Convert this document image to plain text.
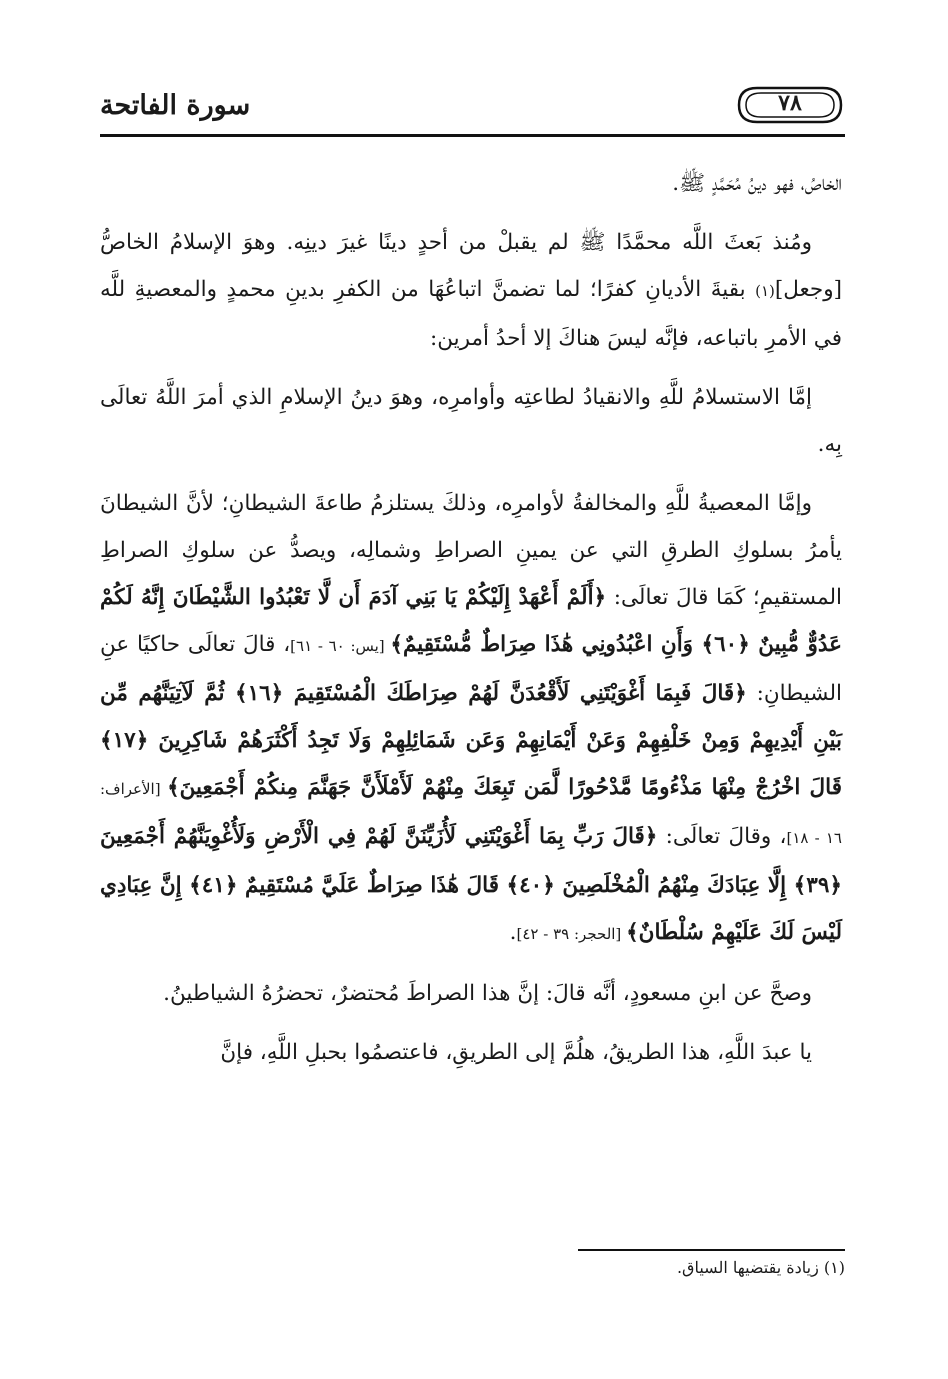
سورة الفاتحة	٧٨

الخاصُ، فهو دينُ مُحَمَّدٍ ﷺ.

ومُنذ بَعثَ اللَّه محمَّدًا ﷺ لم يقبلْ من أحدٍ دينًا غيرَ دينِه. وهوَ الإسلامُ الخاصُّ [وجعل](١) بقيةَ الأديانِ كفرًا؛ لما تضمنَّ اتباعُهَا من الكفرِ بدينِ محمدٍ والمعصيةِ للَّه في الأمرِ باتباعه، فإنَّه ليسَ هناكَ إلا أحدُ أمرين:

إمَّا الاستسلامُ للَّهِ والانقيادُ لطاعتِه وأوامرِه، وهوَ دينُ الإسلامِ الذي أمرَ اللَّهُ تعالَى بِه.

وإمَّا المعصيةُ للَّهِ والمخالفةُ لأوامرِه، وذلكَ يستلزمُ طاعةَ الشيطانِ؛ لأنَّ الشيطانَ يأمرُ بسلوكِ الطرقِ التي عن يمينِ الصراطِ وشمالِه، ويصدُّ عن سلوكِ الصراطِ المستقيمِ؛ كَمَا قالَ تعالَى: ﴿أَلَمْ أَعْهَدْ إِلَيْكُمْ يَا بَنِي آدَمَ أَن لَّا تَعْبُدُوا الشَّيْطَانَ إِنَّهُ لَكُمْ عَدُوٌّ مُّبِينٌ ﴿٦٠﴾ وَأَنِ اعْبُدُونِي هَٰذَا صِرَاطٌ مُّسْتَقِيمٌ﴾ [يس: ٦٠ - ٦١]، قالَ تعالَى حاكيًا عنِ الشيطانِ: ﴿قَالَ فَبِمَا أَغْوَيْتَنِي لَأَقْعُدَنَّ لَهُمْ صِرَاطَكَ الْمُسْتَقِيمَ ﴿١٦﴾ ثُمَّ لَآتِيَنَّهُم مِّن بَيْنِ أَيْدِيهِمْ وَمِنْ خَلْفِهِمْ وَعَنْ أَيْمَانِهِمْ وَعَن شَمَائِلِهِمْ وَلَا تَجِدُ أَكْثَرَهُمْ شَاكِرِينَ ﴿١٧﴾ قَالَ اخْرُجْ مِنْهَا مَذْءُومًا مَّدْحُورًا لَّمَن تَبِعَكَ مِنْهُمْ لَأَمْلَأَنَّ جَهَنَّمَ مِنكُمْ أَجْمَعِينَ﴾ [الأعراف: ١٦ - ١٨]، وقالَ تعالَى: ﴿قَالَ رَبِّ بِمَا أَغْوَيْتَنِي لَأُزَيِّنَنَّ لَهُمْ فِي الْأَرْضِ وَلَأُغْوِيَنَّهُمْ أَجْمَعِينَ ﴿٣٩﴾ إِلَّا عِبَادَكَ مِنْهُمُ الْمُخْلَصِينَ ﴿٤٠﴾ قَالَ هَٰذَا صِرَاطٌ عَلَيَّ مُسْتَقِيمٌ ﴿٤١﴾ إِنَّ عِبَادِي لَيْسَ لَكَ عَلَيْهِمْ سُلْطَانٌ﴾ [الحجر: ٣٩ - ٤٢].

وصحَّ عن ابنِ مسعودٍ، أنَّه قالَ: إنَّ هذا الصراطَ مُحتضرٌ، تحضرُهُ الشياطينُ.

يا عبدَ اللَّهِ، هذا الطريقُ، هلُمَّ إلى الطريقِ، فاعتصمُوا بحبلِ اللَّهِ، فإنَّ

(١) زيادة يقتضيها السياق.
